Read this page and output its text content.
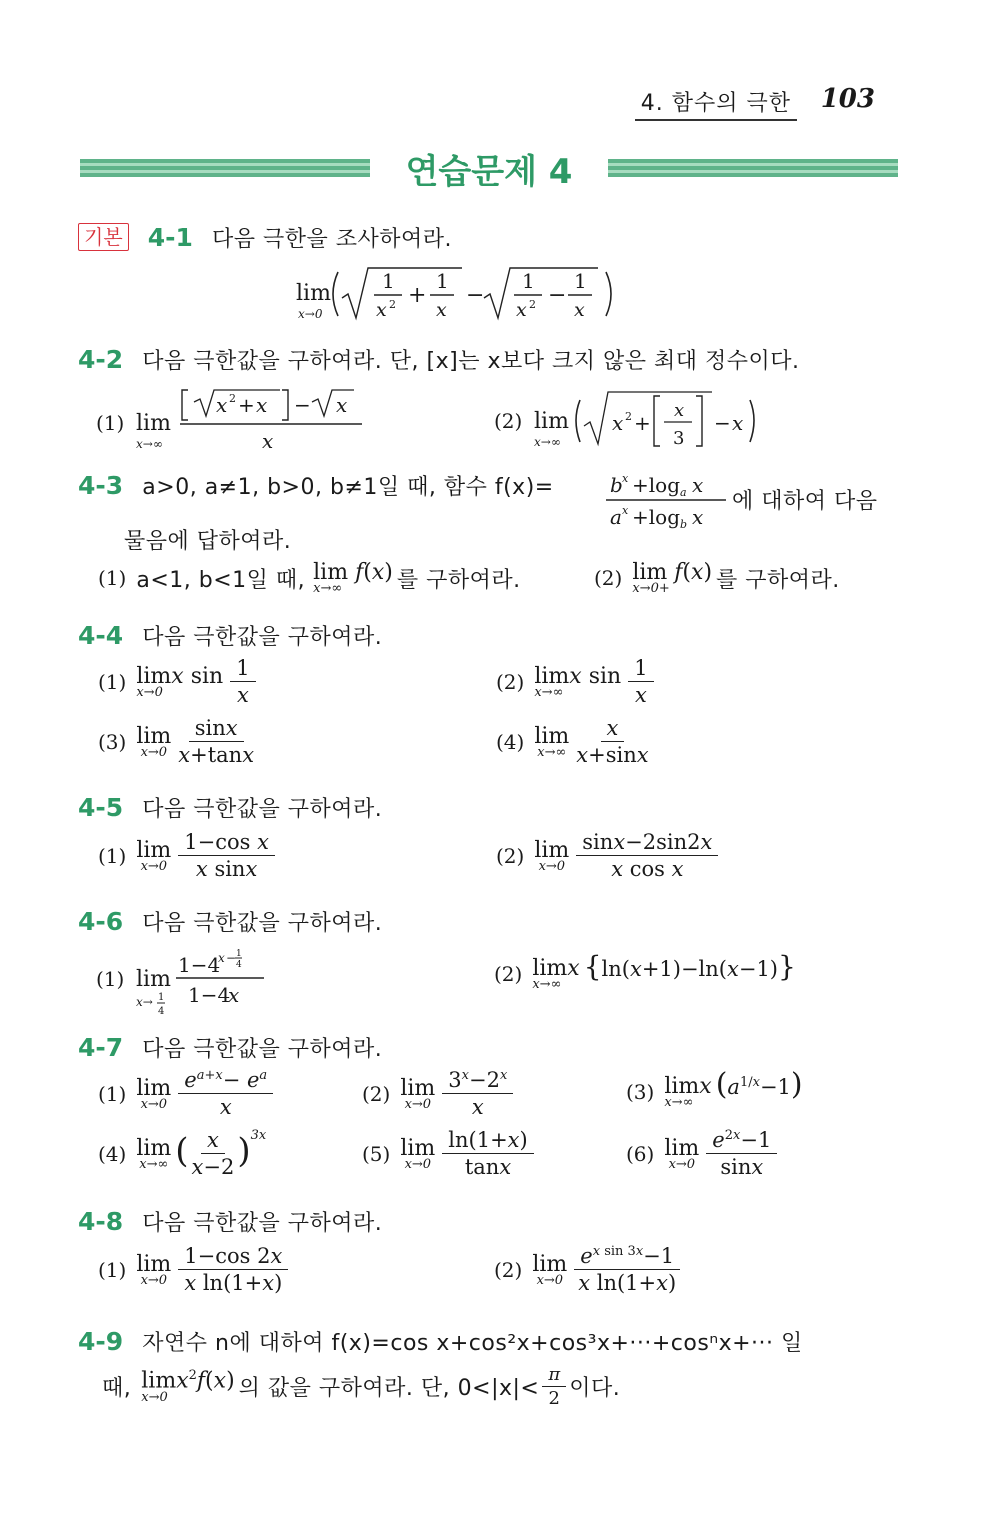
4. 함수의 극한 103
연습문제 4
기본 4-1 다음 극한을 조사하여라.
lim
x→0
1
x 2 +
1
x
−
1
x 2 −
1
x
4-2 다음 극한값을 구하여라. 단, [x]는 x보다 크지 않은 최대 정수이다.
(1) lim
x→∞
x 2 + x − x
x
(2) lim
x→∞
x 2 +
x
3
− x
4-3 a>0, a≠1, b>0, b≠1일 때, 함수 f(x)=	b x +log a x
a x +log b x
에 대하여 다음
물음에 답하여라.
(1) a<1, b<1일 때, lim f(x)
x→∞ 를 구하여라.	(2) lim f(x)
x→0+ 를 구하여라.
4-4 다음 극한값을 구하여라.
(1) limx sin
x→0	$\frac{1}{x}$	(2) limx sin
x→∞	$\frac{1}{x}$
(3) lim
$x\to 0 \frac{\sin x}{x+\tan x}$	(4) lim
$x\to\infty \frac{x}{x+\sin x}$
4-5 다음 극한값을 구하여라.
(1) lim
$x\to 0 \frac{\text{1−cos x}}{\text{x sinx}}$	(2) lim
$x\to 0 \frac{\sin x-2\sin 2x}{\text{x cos x}}$
4-6 다음 극한값을 구하여라.
(1) lim
x→ 1
4
1−4
x − 1
4
1−4
x
(2) limx
x→∞
{ln(x+1)−ln(x−1)}
4-7 다음 극한값을 구하여라.
(1) lim
$x\to 0 \frac{e^{a+x}- e^a}{x}$	(2) lim
$x\to 0 \frac{3^x-2^x}{x}$	(3) limx
x→∞
$(a^{1/x}-1)$
(4) lim
x→∞ ( $\frac{x}{x-2}$ ) 3x
(5) lim
$x\to 0 \frac{\ln(1+x)}{\tan x}$	(6) lim
$x\to 0 \frac{e^{2x}-1}{\sin x}$
4-8 다음 극한값을 구하여라.
(1) lim
$x\to 0 \frac{1-\cos 2x}{\text{x ln(1+x)}}$	(2) lim
$x\to 0 \frac{e^{x sin 3x}-1}{\text{x ln(1+x)}}$
4-9 자연수 n에 대하여 f(x)=cos x+cos²x+cos³x+···+cosⁿx+··· 일
때, limx$^2$f(x)
x→0	의 값을 구하여라. 단, $0<|x|< \frac{\pi}{2}$ 이다.
